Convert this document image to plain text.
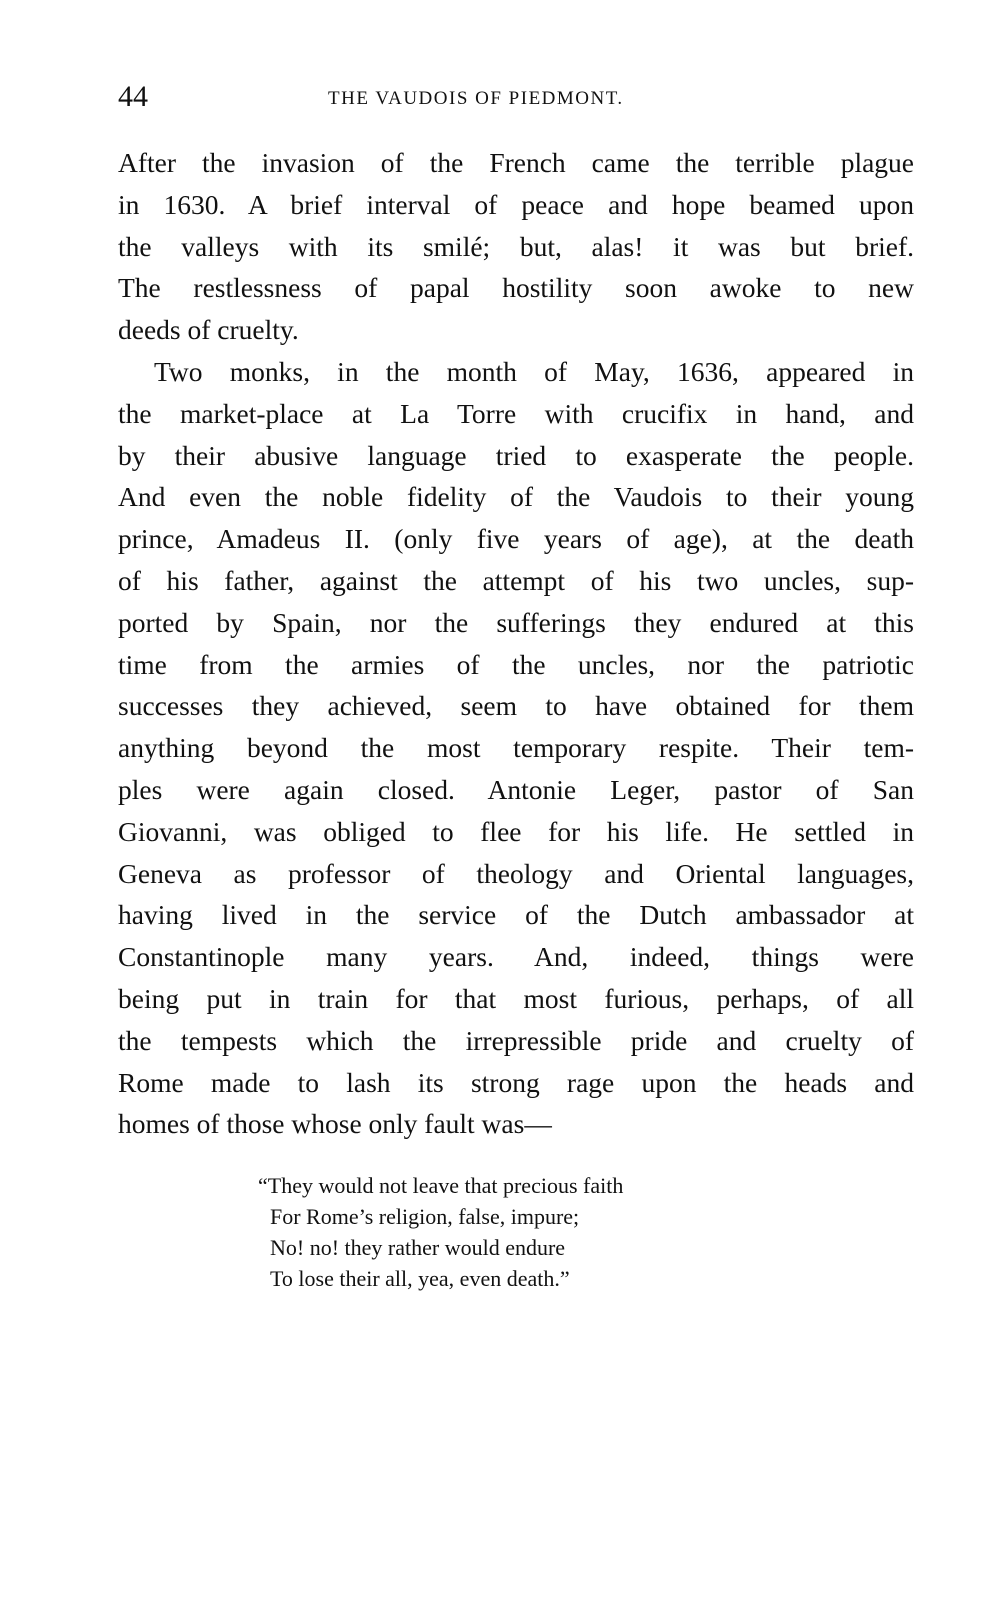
44	THE VAUDOIS OF PIEDMONT.
After the invasion of the French came the terrible plague
in 1630. A brief interval of peace and hope beamed upon
the valleys with its smilé; but, alas! it was but brief.
The restlessness of papal hostility soon awoke to new
deeds of cruelty.
Two monks, in the month of May, 1636, appeared in
the market-place at La Torre with crucifix in hand, and
by their abusive language tried to exasperate the people.
And even the noble fidelity of the Vaudois to their young
prince, Amadeus II. (only five years of age), at the death
of his father, against the attempt of his two uncles, sup-
ported by Spain, nor the sufferings they endured at this
time from the armies of the uncles, nor the patriotic
successes they achieved, seem to have obtained for them
anything beyond the most temporary respite. Their tem-
ples were again closed. Antonie Leger, pastor of San
Giovanni, was obliged to flee for his life. He settled in
Geneva as professor of theology and Oriental languages,
having lived in the service of the Dutch ambassador at
Constantinople many years. And, indeed, things were
being put in train for that most furious, perhaps, of all
the tempests which the irrepressible pride and cruelty of
Rome made to lash its strong rage upon the heads and
homes of those whose only fault was—
“They would not leave that precious faith
For Rome’s religion, false, impure;
No! no! they rather would endure
To lose their all, yea, even death.”
